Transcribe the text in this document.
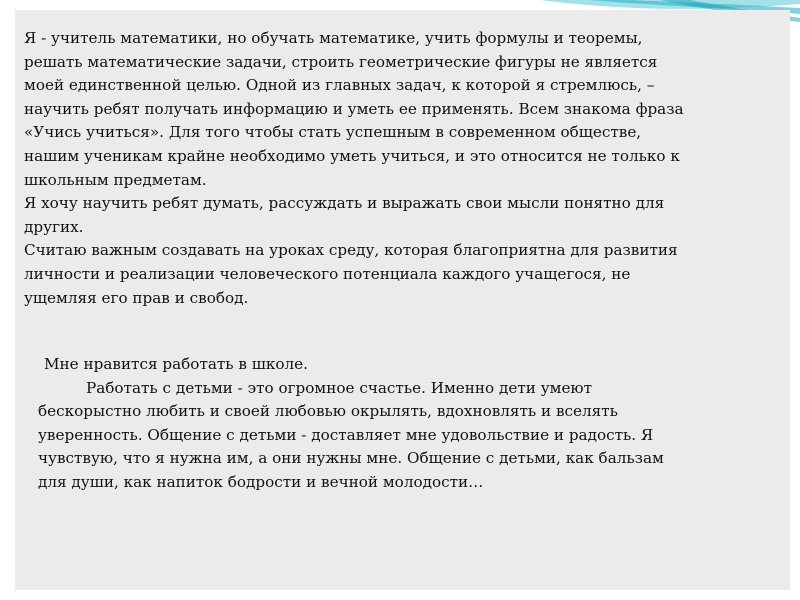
Я - учитель математики, но обучать математике, учить формулы и теоремы,
решать математические задачи, строить геометрические фигуры не является
моей единственной целью. Одной из главных задач, к которой я стремлюсь, –
научить ребят получать информацию и уметь ее применять. Всем знакома фраза
«Учись учиться». Для того чтобы стать успешным в современном обществе,
нашим ученикам крайне необходимо уметь учиться, и это относится не только к
школьным предметам.
Я хочу научить ребят думать, рассуждать и выражать свои мысли понятно для
других.
Считаю важным создавать на уроках среду, которая благоприятна для развития
личности и реализации человеческого потенциала каждого учащегося, не
ущемляя его прав и свобод.
Мне нравится работать в школе.
Работать с детьми - это огромное счастье. Именно дети умеют
бескорыстно любить и своей любовью окрылять, вдохновлять и вселять
уверенность. Общение с детьми - доставляет мне удовольствие и радость. Я
чувствую, что я нужна им, а они нужны мне. Общение с детьми, как бальзам
для души, как напиток бодрости и вечной молодости…
